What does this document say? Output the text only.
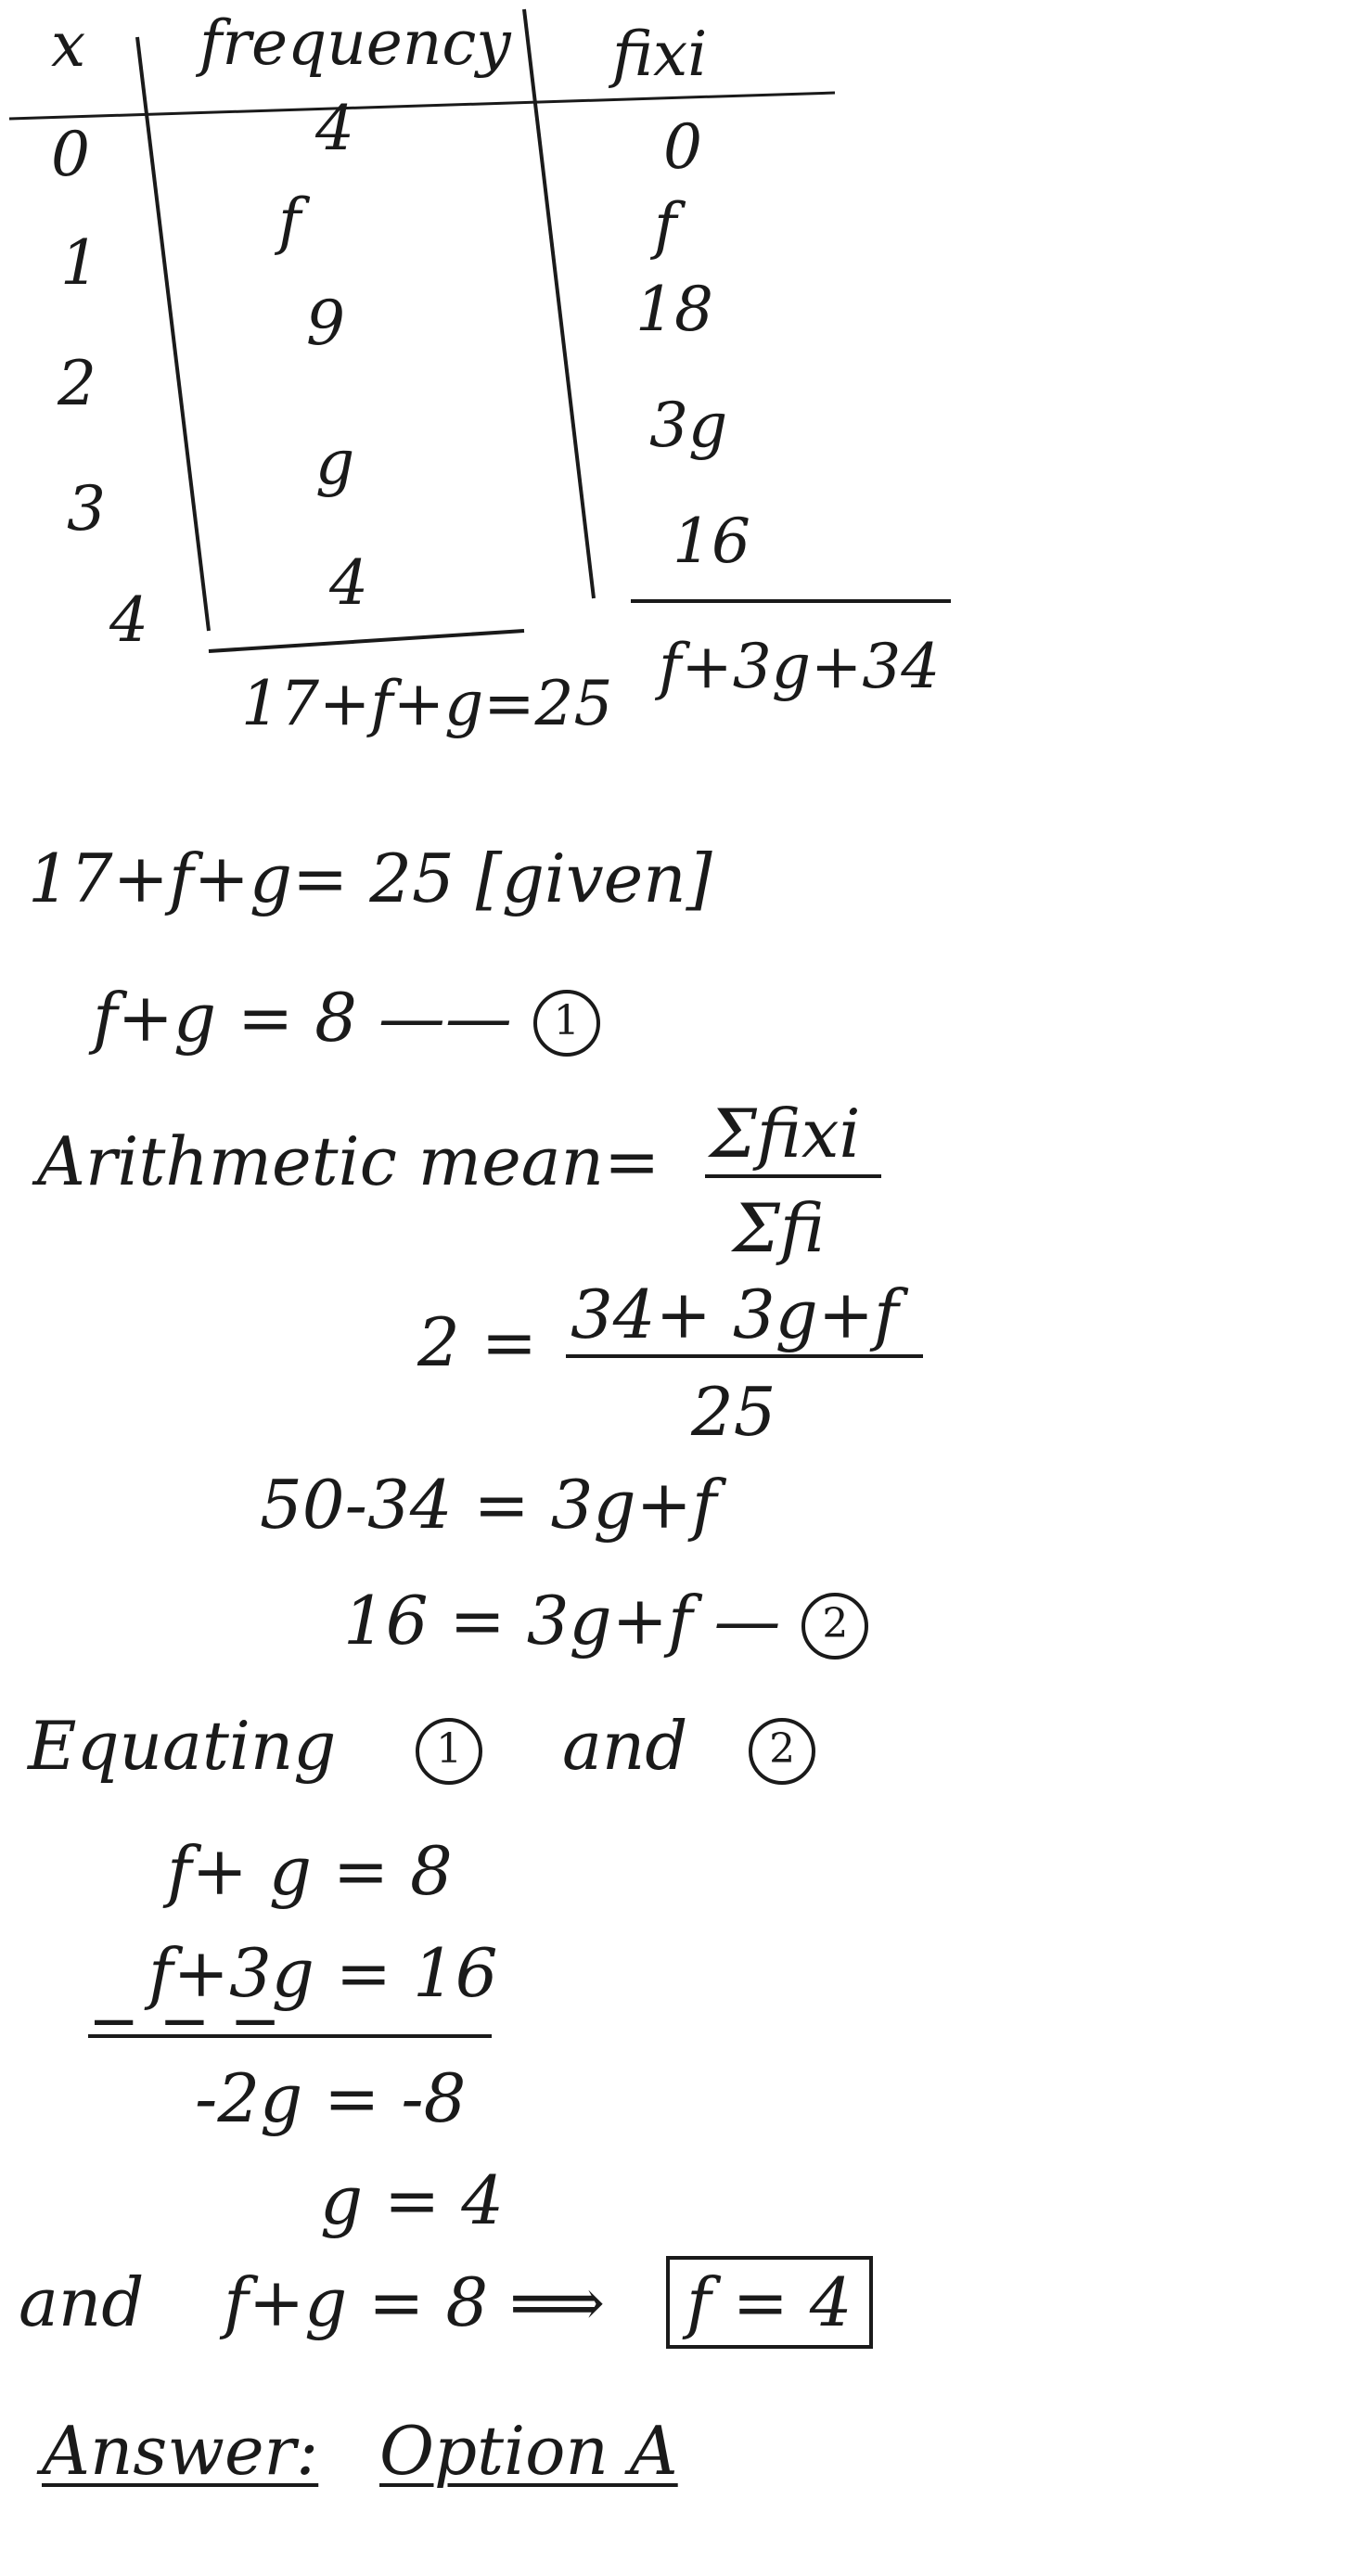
x frequency fixi
0
1
2
3
4
4
f
9
g
4
0
f
18
3g
16
17+f+g=25
f+3g+34
17+f+g= 25 [given]
f+g = 8 —— 1
Arithmetic mean= Σfixi
Σfi
2 = 34+ 3g+f
25
50-34 = 3g+f
16 = 3g+f — 2
Equating 1 and 2
f+ g = 8
f+3g = 16
− − −
-2g = -8
g = 4
and f+g = 8 ⟹ f = 4
Answer: Option A
